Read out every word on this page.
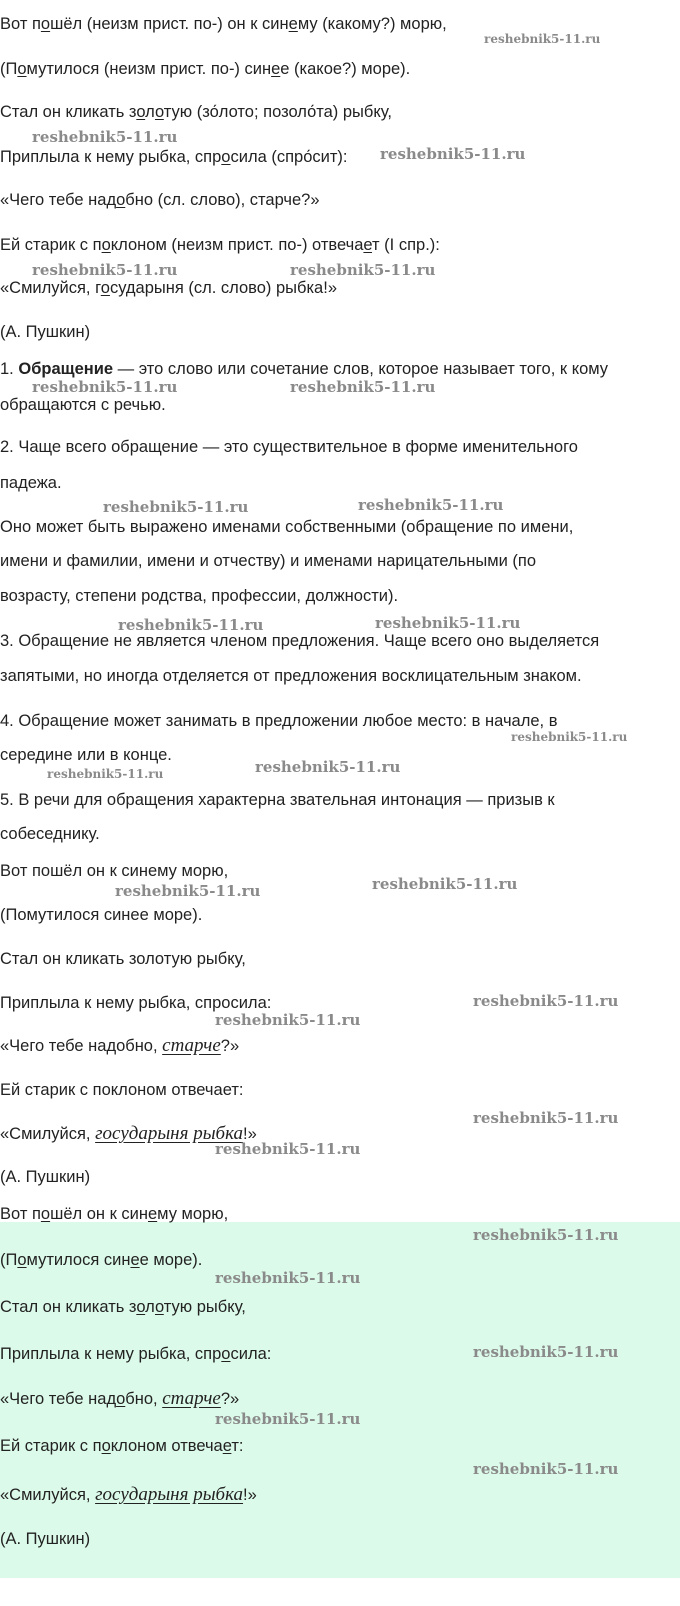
Вот пошёл (неизм прист. по-) он к синему (какому?) морю,
(Помутилося (неизм прист. по-) синее (какое?) море).
Стал он кликать золотую (зо́лото; позоло́та) рыбку,
Приплыла к нему рыбка, спросила (спро́сит):
«Чего тебе надобно (сл. слово), старче?»
Ей старик с поклоном (неизм прист. по-) отвечает (I спр.):
«Смилуйся, государыня (сл. слово) рыбка!»
(А. Пушкин)
1. Обращение — это слово или сочетание слов, которое называет того, к кому
обращаются с речью.
2. Чаще всего обращение — это существительное в форме именительного
падежа.
Оно может быть выражено именами собственными (обращение по имени,
имени и фамилии, имени и отчеству) и именами нарицательными (по
возрасту, степени родства, профессии, должности).
3. Обращение не является членом предложения. Чаще всего оно выделяется
запятыми, но иногда отделяется от предложения восклицательным знаком.
4. Обращение может занимать в предложении любое место: в начале, в
середине или в конце.
5. В речи для обращения характерна звательная интонация — призыв к
собеседнику.
Вот пошёл он к синему морю,
(Помутилося синее море).
Стал он кликать золотую рыбку,
Приплыла к нему рыбка, спросила:
«Чего тебе надобно, старче?»
Ей старик с поклоном отвечает:
«Смилуйся, государыня рыбка!»
(А. Пушкин)
Вот пошёл он к синему морю,
(Помутилося синее море).
Стал он кликать золотую рыбку,
Приплыла к нему рыбка, спросила:
«Чего тебе надобно, старче?»
Ей старик с поклоном отвечает:
«Смилуйся, государыня рыбка!»
(А. Пушкин)
reshebnik5-11.ru
reshebnik5-11.ru
reshebnik5-11.ru
reshebnik5-11.ru	reshebnik5-11.ru
reshebnik5-11.ru	reshebnik5-11.ru
reshebnik5-11.ru	reshebnik5-11.ru
reshebnik5-11.ru	reshebnik5-11.ru
reshebnik5-11.ru
reshebnik5-11.ru	reshebnik5-11.ru
reshebnik5-11.ru	reshebnik5-11.ru
reshebnik5-11.ru
reshebnik5-11.ru
reshebnik5-11.ru
reshebnik5-11.ru
reshebnik5-11.ru
reshebnik5-11.ru
reshebnik5-11.ru
reshebnik5-11.ru
reshebnik5-11.ru
